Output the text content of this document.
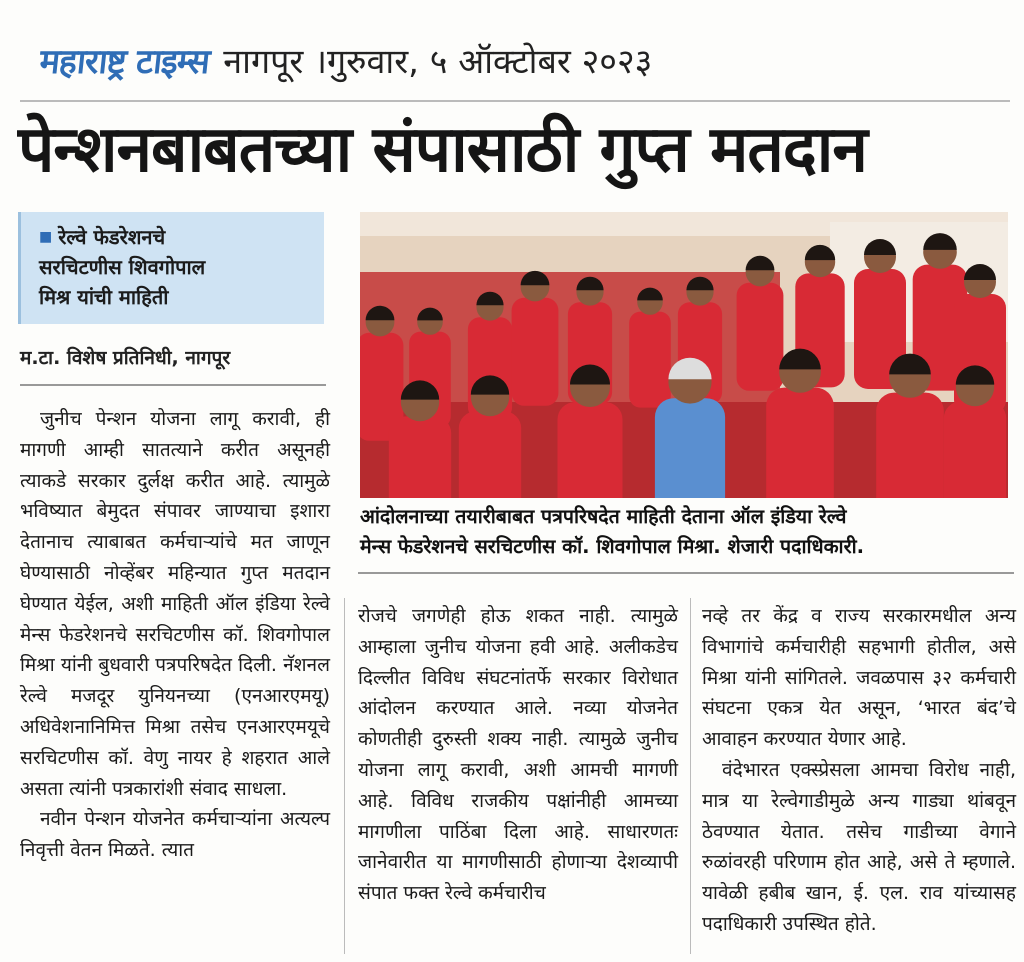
महाराष्ट्र टाइम्स नागपूर ।गुरुवार, ५ ऑक्टोबर २०२३
पेन्शनबाबतच्या संपासाठी गुप्त मतदान
■ रेल्वे फेडरेशनचे
सरचिटणीस शिवगोपाल
मिश्र यांची माहिती
म.टा. विशेष प्रतिनिधी, नागपूर

जुनीच पेन्शन योजना लागू करावी, ही मागणी आम्ही सातत्याने करीत असूनही त्याकडे सरकार दुर्लक्ष करीत आहे. त्यामुळे भविष्यात बेमुदत संपावर जाण्याचा इशारा देतानाच त्याबाबत कर्मचाऱ्यांचे मत जाणून घेण्यासाठी नोव्हेंबर महिन्यात गुप्त मतदान घेण्यात येईल, अशी माहिती ऑल इंडिया रेल्वे मेन्स फेडरेशनचे सरचिटणीस कॉ. शिवगोपाल मिश्रा यांनी बुधवारी पत्रपरिषदेत दिली. नॅशनल रेल्वे मजदूर युनियनच्या (एनआरएमयू) अधिवेशनानिमित्त मिश्रा तसेच एनआरएमयूचे सरचिटणीस कॉ. वेणु नायर हे शहरात आले असता त्यांनी पत्रकारांशी संवाद साधला.

नवीन पेन्शन योजनेत कर्मचाऱ्यांना अत्यल्प निवृत्ती वेतन मिळते. त्यात

आंदोलनाच्या तयारीबाबत पत्रपरिषदेत माहिती देताना ऑल इंडिया रेल्वे
मेन्स फेडरेशनचे सरचिटणीस कॉ. शिवगोपाल मिश्रा. शेजारी पदाधिकारी.

रोजचे जगणेही होऊ शकत नाही. त्यामुळे आम्हाला जुनीच योजना हवी आहे. अलीकडेच दिल्लीत विविध संघटनांतर्फे सरकार विरोधात आंदोलन करण्यात आले. नव्या योजनेत कोणतीही दुरुस्ती शक्य नाही. त्यामुळे जुनीच योजना लागू करावी, अशी आमची मागणी आहे. विविध राजकीय पक्षांनीही आमच्या मागणीला पाठिंबा दिला आहे. साधारणतः जानेवारीत या मागणीसाठी होणाऱ्या देशव्यापी संपात फक्त रेल्वे कर्मचारीच

नव्हे तर केंद्र व राज्य सरकारमधील अन्य विभागांचे कर्मचारीही सहभागी होतील, असे मिश्रा यांनी सांगितले. जवळपास ३२ कर्मचारी संघटना एकत्र येत असून, ‘भारत बंद’चे आवाहन करण्यात येणार आहे.

वंदेभारत एक्स्प्रेसला आमचा विरोध नाही, मात्र या रेल्वेगाडीमुळे अन्य गाड्या थांबवून ठेवण्यात येतात. तसेच गाडीच्या वेगाने रुळांवरही परिणाम होत आहे, असे ते म्हणाले. यावेळी हबीब खान, ई. एल. राव यांच्यासह पदाधिकारी उपस्थित होते.
